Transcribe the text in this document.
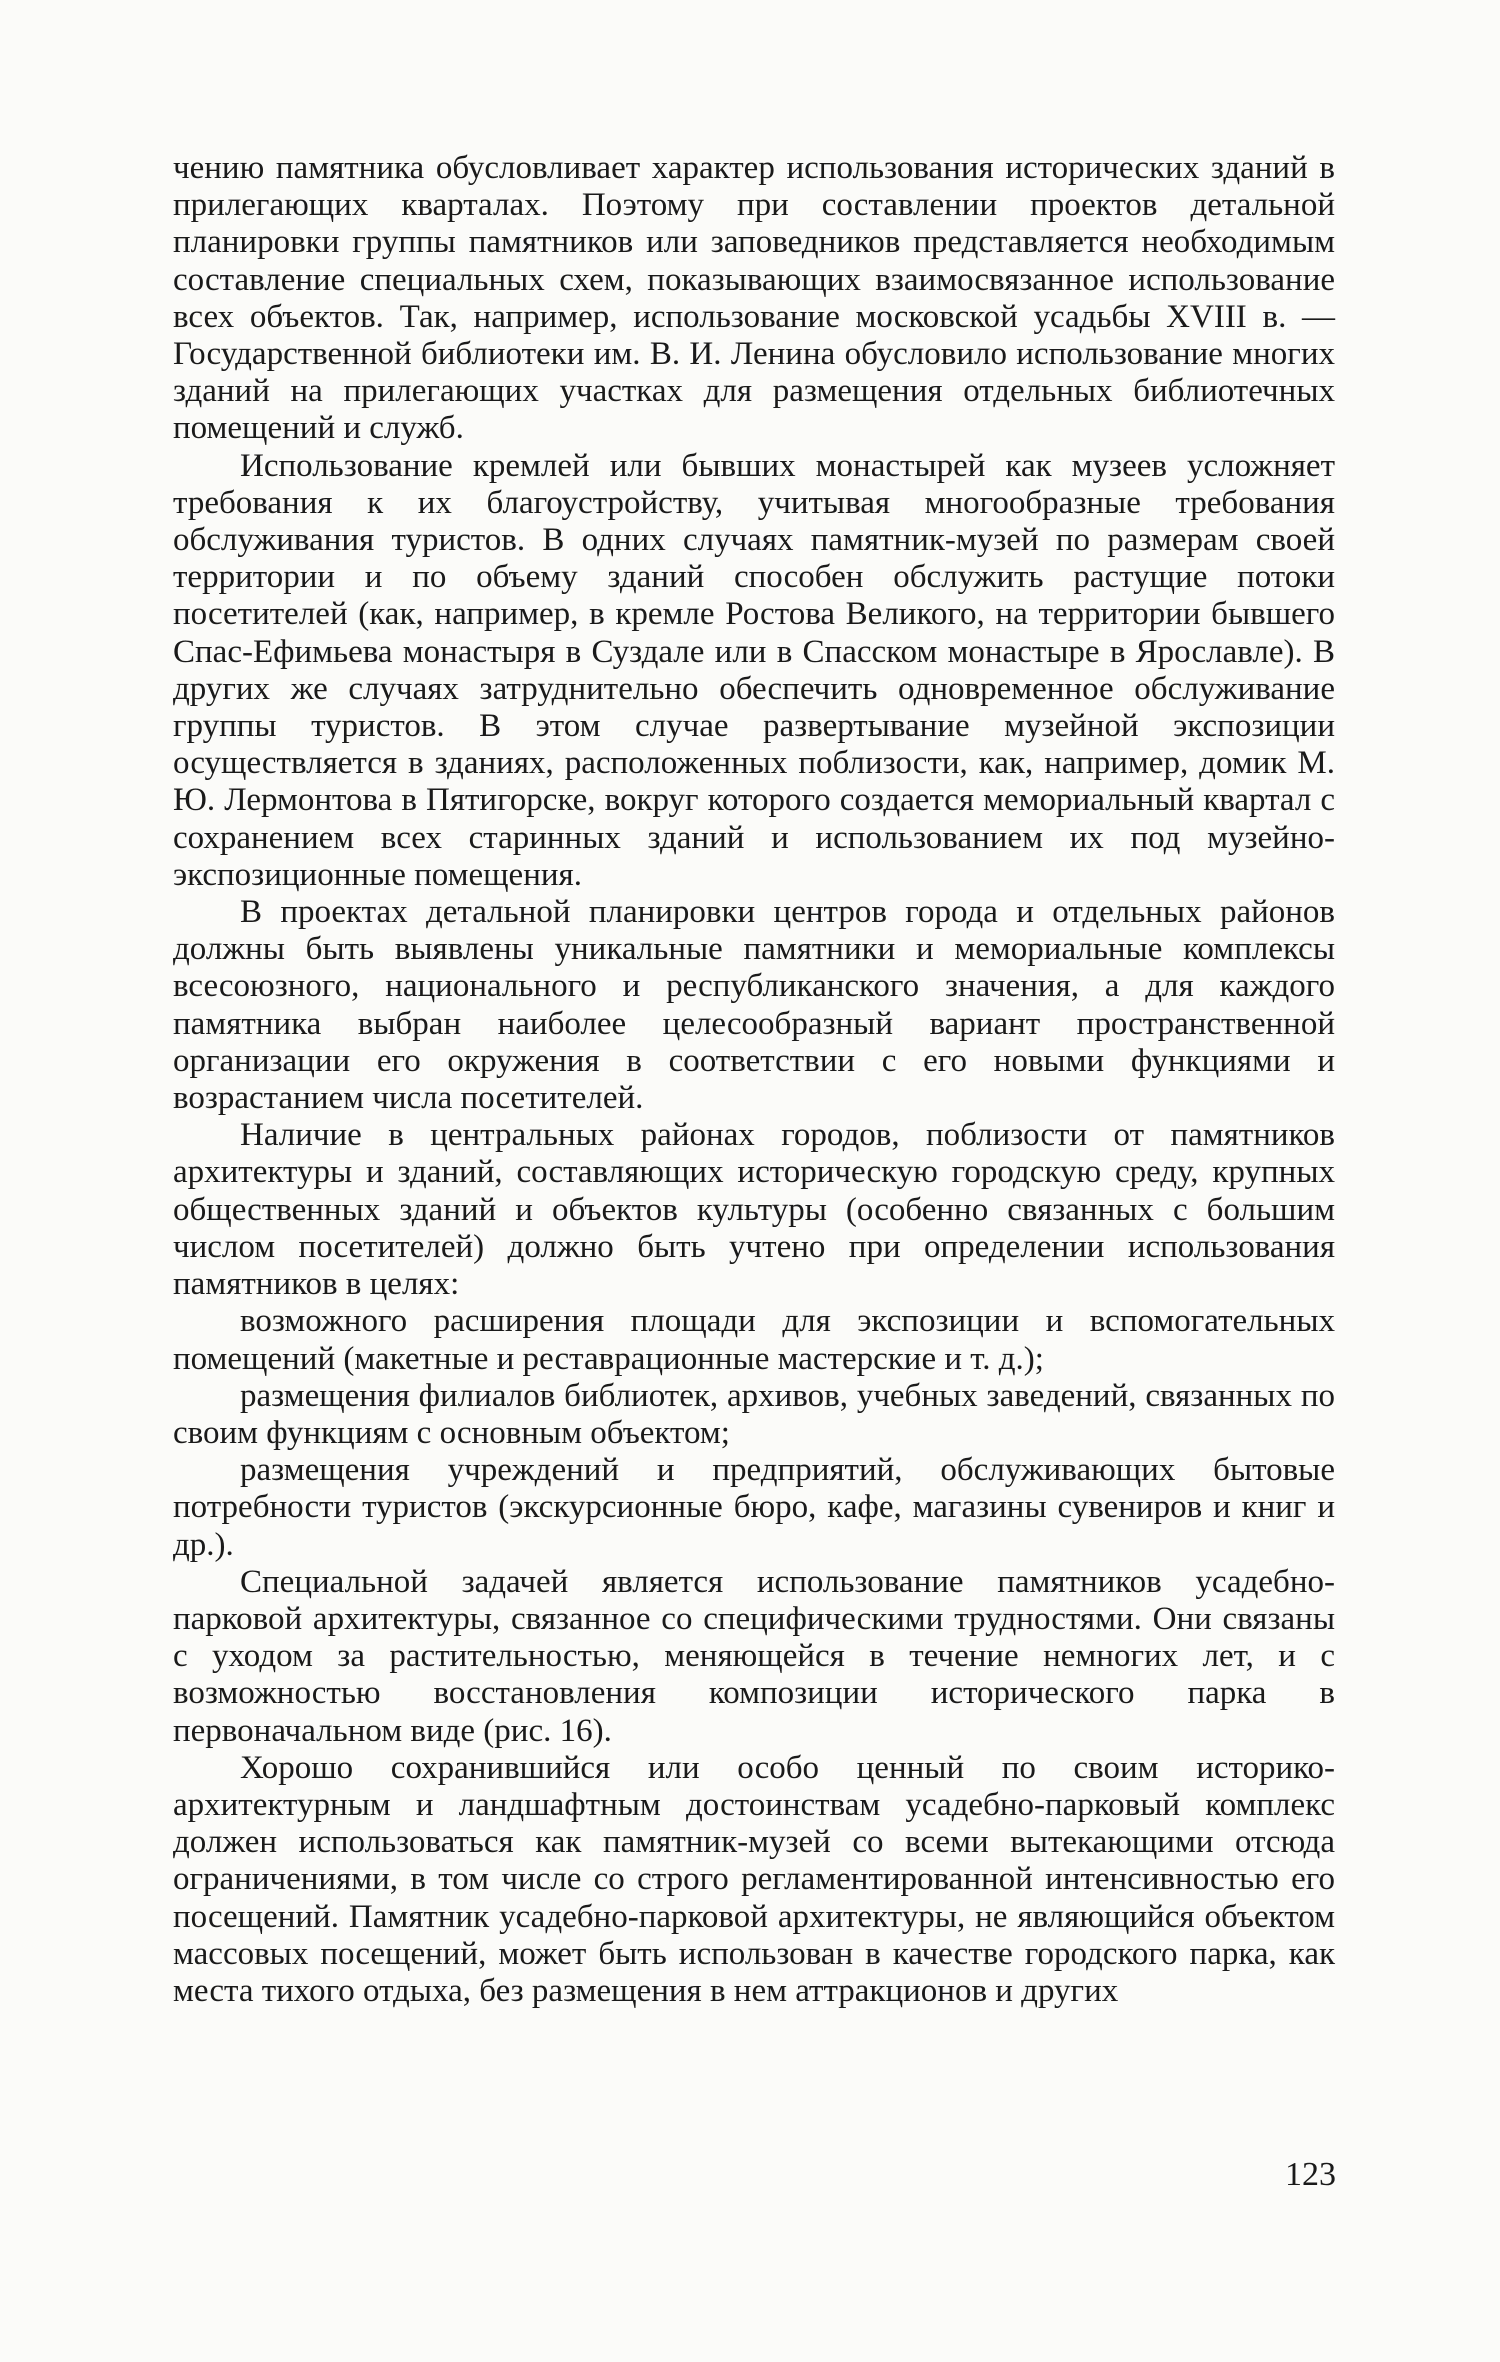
чению памятника обусловливает характер использования исторических зданий в прилегающих кварталах. Поэтому при составлении проектов детальной планировки группы памятников или заповедников представляется необходимым составление специальных схем, показывающих взаимосвязанное использование всех объектов. Так, например, использование московской усадьбы XVIII в. — Государственной библиотеки им. В. И. Ленина обусловило использование многих зданий на прилегающих участках для размещения отдельных библиотечных помещений и служб.

Использование кремлей или бывших монастырей как музеев усложняет требования к их благоустройству, учитывая многообразные требования обслуживания туристов. В одних случаях памятник-музей по размерам своей территории и по объему зданий способен обслужить растущие потоки посетителей (как, например, в кремле Ростова Великого, на территории бывшего Спас-Ефимьева монастыря в Суздале или в Спасском монастыре в Ярославле). В других же случаях затруднительно обеспечить одновременное обслуживание группы туристов. В этом случае развертывание музейной экспозиции осуществляется в зданиях, расположенных поблизости, как, например, домик М. Ю. Лермонтова в Пятигорске, вокруг которого создается мемориальный квартал с сохранением всех старинных зданий и использованием их под музейно-экспозиционные помещения.

В проектах детальной планировки центров города и отдельных районов должны быть выявлены уникальные памятники и мемориальные комплексы всесоюзного, национального и республиканского значения, а для каждого памятника выбран наиболее целесообразный вариант пространственной организации его окружения в соответствии с его новыми функциями и возрастанием числа посетителей.

Наличие в центральных районах городов, поблизости от памятников архитектуры и зданий, составляющих историческую городскую среду, крупных общественных зданий и объектов культуры (особенно связанных с большим числом посетителей) должно быть учтено при определении использования памятников в целях:

возможного расширения площади для экспозиции и вспомогательных помещений (макетные и реставрационные мастерские и т. д.);

размещения филиалов библиотек, архивов, учебных заведений, связанных по своим функциям с основным объектом;

размещения учреждений и предприятий, обслуживающих бытовые потребности туристов (экскурсионные бюро, кафе, магазины сувениров и книг и др.).

Специальной задачей является использование памятников усадебно-парковой архитектуры, связанное со специфическими трудностями. Они связаны с уходом за растительностью, меняющейся в течение немногих лет, и с возможностью восстановления композиции исторического парка в первоначальном виде (рис. 16).

Хорошо сохранившийся или особо ценный по своим историко-архитектурным и ландшафтным достоинствам усадебно-парковый комплекс должен использоваться как памятник-музей со всеми вытекающими отсюда ограничениями, в том числе со строго регламентированной интенсивностью его посещений. Памятник усадебно-парковой архитектуры, не являющийся объектом массовых посещений, может быть использован в качестве городского парка, как места тихого отдыха, без размещения в нем аттракционов и других

123
